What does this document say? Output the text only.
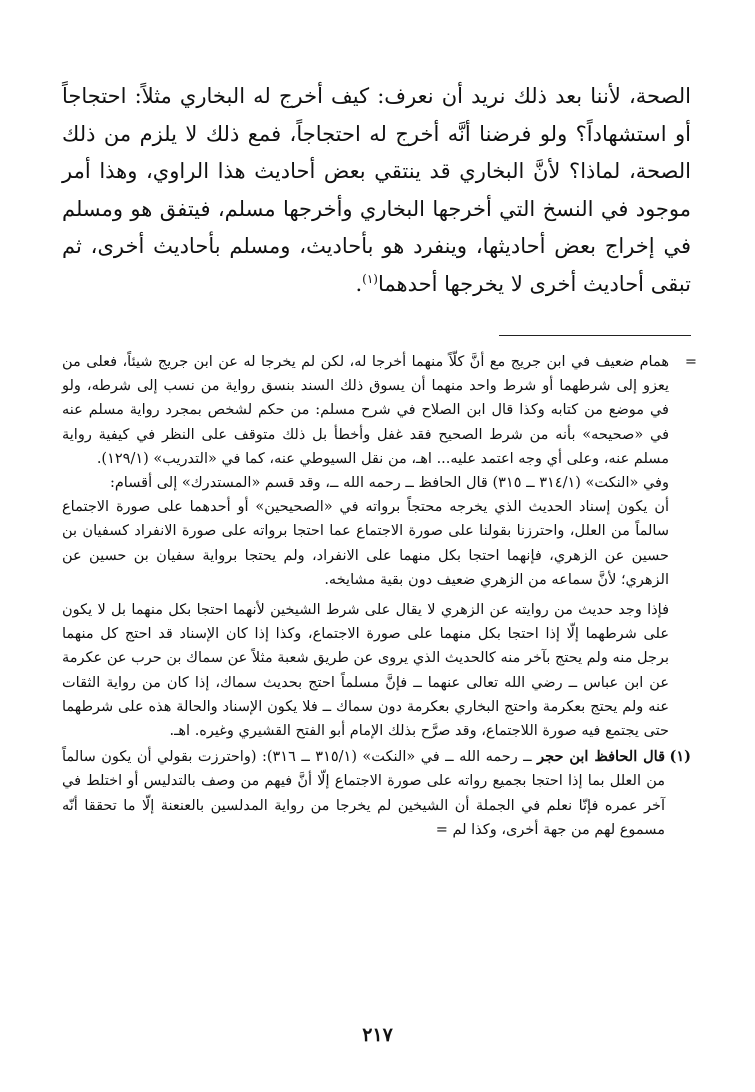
الصحة، لأننا بعد ذلك نريد أن نعرف: كيف أخرج له البخاري مثلاً: احتجاجاً أو استشهاداً؟ ولو فرضنا أنَّه أخرج له احتجاجاً، فمع ذلك لا يلزم من ذلك الصحة، لماذا؟ لأنَّ البخاري قد ينتقي بعض أحاديث هذا الراوي، وهذا أمر موجود في النسخ التي أخرجها البخاري وأخرجها مسلم، فيتفق هو ومسلم في إخراج بعض أحاديثها، وينفرد هو بأحاديث، ومسلم بأحاديث أخرى، ثم تبقى أحاديث أخرى لا يخرجها أحدهما$^{(١)}$.

=

همام ضعيف في ابن جريج مع أنَّ كلّاً منهما أخرجا له، لكن لم يخرجا له عن ابن جريج شيئاً، فعلى من يعزو إلى شرطهما أو شرط واحد منهما أن يسوق ذلك السند بنسق رواية من نسب إلى شرطه، ولو في موضع من كتابه وكذا قال ابن الصلاح في شرح مسلم: من حكم لشخص بمجرد رواية مسلم عنه في «صحيحه» بأنه من شرط الصحيح فقد غفل وأخطأ بل ذلك متوقف على النظر في كيفية رواية مسلم عنه، وعلى أي وجه اعتمد عليه... اهـ، من نقل السيوطي عنه، كما في «التدريب» (١٢٩/١).

وفي «النكت» (٣١٤/١ ــ ٣١٥) قال الحافظ ــ رحمه الله ــ، وقد قسم «المستدرك» إلى أقسام:

أن يكون إسناد الحديث الذي يخرجه محتجاً برواته في «الصحيحين» أو أحدهما على صورة الاجتماع سالماً من العلل، واحترزنا بقولنا على صورة الاجتماع عما احتجا برواته على صورة الانفراد كسفيان بن حسين عن الزهري، فإنهما احتجا بكل منهما على الانفراد، ولم يحتجا برواية سفيان بن حسين عن الزهري؛ لأنَّ سماعه من الزهري ضعيف دون بقية مشايخه.

فإذا وجد حديث من روايته عن الزهري لا يقال على شرط الشيخين لأنهما احتجا بكل منهما بل لا يكون على شرطهما إلّا إذا احتجا بكل منهما على صورة الاجتماع، وكذا إذا كان الإسناد قد احتج كل منهما برجل منه ولم يحتج بآخر منه كالحديث الذي يروى عن طريق شعبة مثلاً عن سماك بن حرب عن عكرمة عن ابن عباس ــ رضي الله تعالى عنهما ــ فإنَّ مسلماً احتج بحديث سماك، إذا كان من رواية الثقات عنه ولم يحتج بعكرمة واحتج البخاري بعكرمة دون سماك ــ فلا يكون الإسناد والحالة هذه على شرطهما حتى يجتمع فيه صورة اللاجتماع، وقد صرَّح بذلك الإمام أبو الفتح القشيري وغيره. اهـ.

(١)
قال الحافظ ابن حجر ــ رحمه الله ــ في «النكت» (٣١٥/١ ــ ٣١٦): (واحترزت بقولي أن يكون سالماً من العلل بما إذا احتجا بجميع رواته على صورة الاجتماع إلّا أنَّ فيهم من وصف بالتدليس أو اختلط في آخر عمره فإنّا نعلم في الجملة أن الشيخين لم يخرجا من رواية المدلسين بالعنعنة إلّا ما تحققا أنّه مسموع لهم من جهة أخرى، وكذا لم =
٢١٧
